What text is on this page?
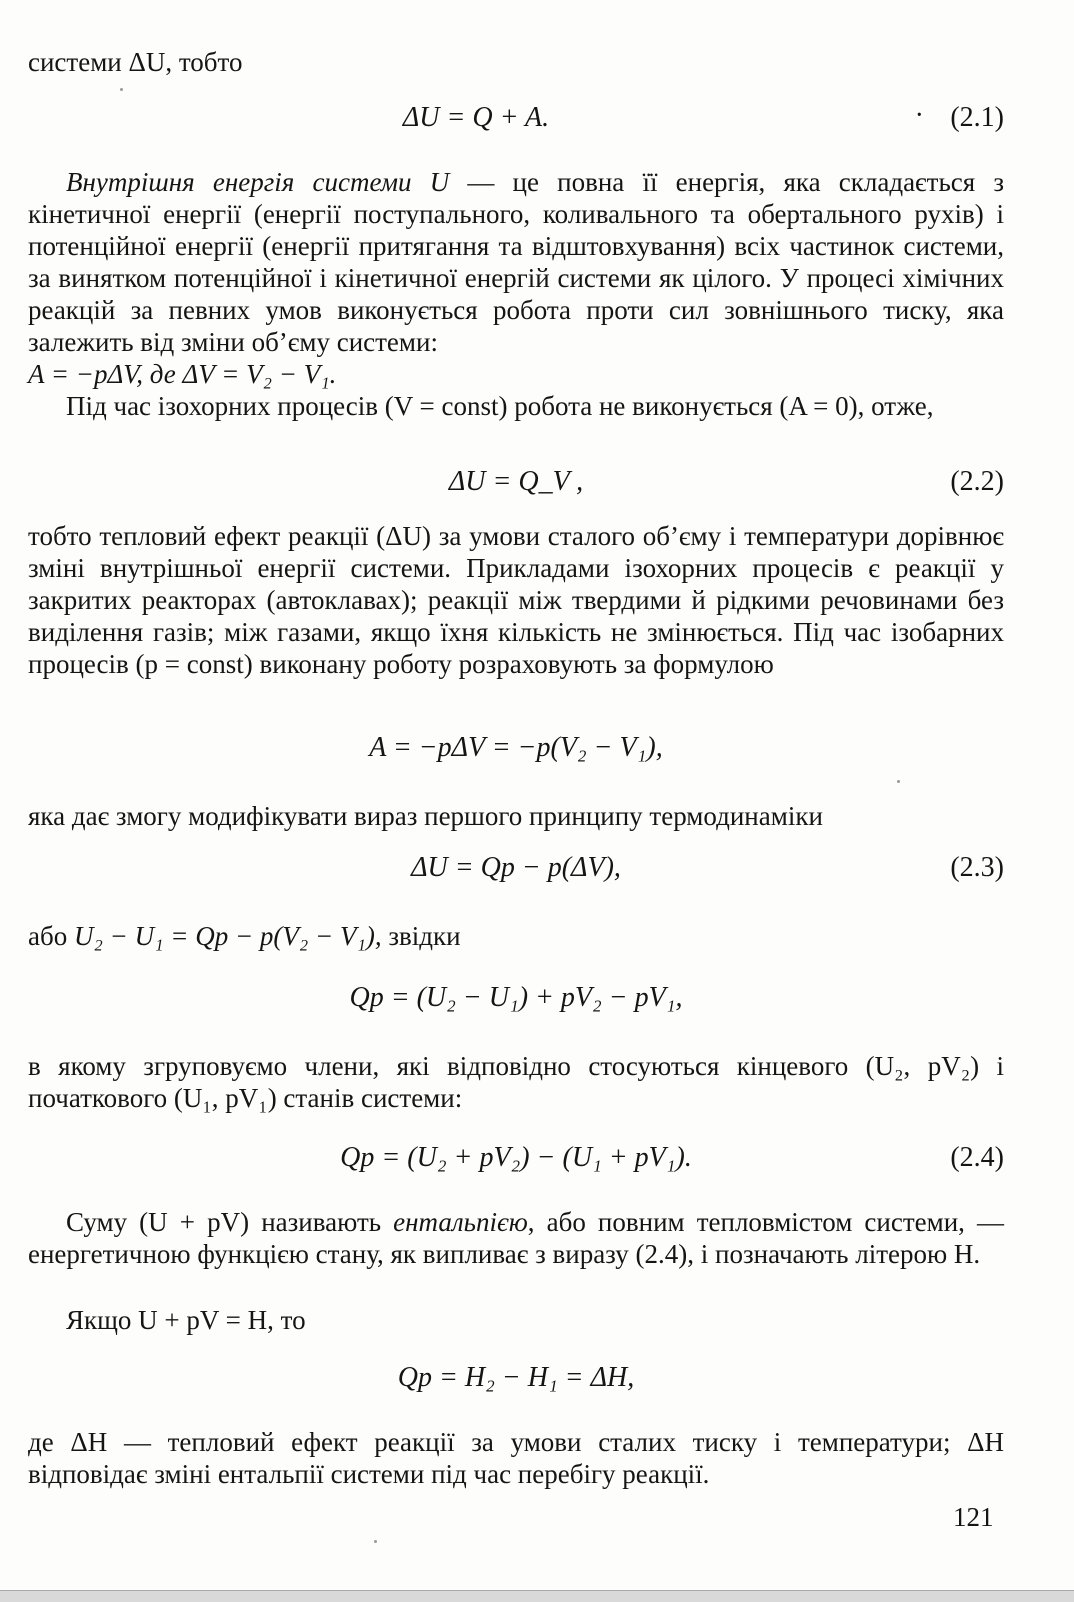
системи ΔU, тобто

ΔU = Q + A.	· (2.1)

Внутрішня енергія системи U — це повна її енергія, яка складається з кінетичної енергії (енергії поступального, коливального та обертального рухів) і потенційної енергії (енергії притягання та відштовхування) всіх частинок системи, за винятком потенційної і кінетичної енергій системи як цілого. У процесі хімічних реакцій за певних умов виконується робота проти сил зовнішнього тиску, яка залежить від зміни об’єму системи:
A = −pΔV, де ΔV = V₂ − V₁.

Під час ізохорних процесів (V = const) робота не виконується (A = 0), отже,

ΔU = Q_V ,	(2.2)

тобто тепловий ефект реакції (ΔU) за умови сталого об’єму і температури дорівнює зміні внутрішньої енергії системи. Прикладами ізохорних процесів є реакції у закритих реакторах (автоклавах); реакції між твердими й рідкими речовинами без виділення газів; між газами, якщо їхня кількість не змінюється. Під час ізобарних процесів (p = const) виконану роботу розраховують за формулою

A = −pΔV = −p(V₂ − V₁),

яка дає змогу модифікувати вираз першого принципу термодинаміки

ΔU = Qp − p(ΔV),	(2.3)

або U₂ − U₁ = Qp − p(V₂ − V₁), звідки

Qp = (U₂ − U₁) + pV₂ − pV₁,

в якому згруповуємо члени, які відповідно стосуються кінцевого (U₂, pV₂) і початкового (U₁, pV₁) станів системи:

Qp = (U₂ + pV₂) − (U₁ + pV₁).	(2.4)

Суму (U + pV) називають ентальпією, або повним тепловмістом системи, — енергетичною функцією стану, як випливає з виразу (2.4), і позначають літерою H.

Якщо U + pV = H, то

Qp = H₂ − H₁ = ΔH,

де ΔH — тепловий ефект реакції за умови сталих тиску і температури; ΔH відповідає зміні ентальпії системи під час перебігу реакції.

121
